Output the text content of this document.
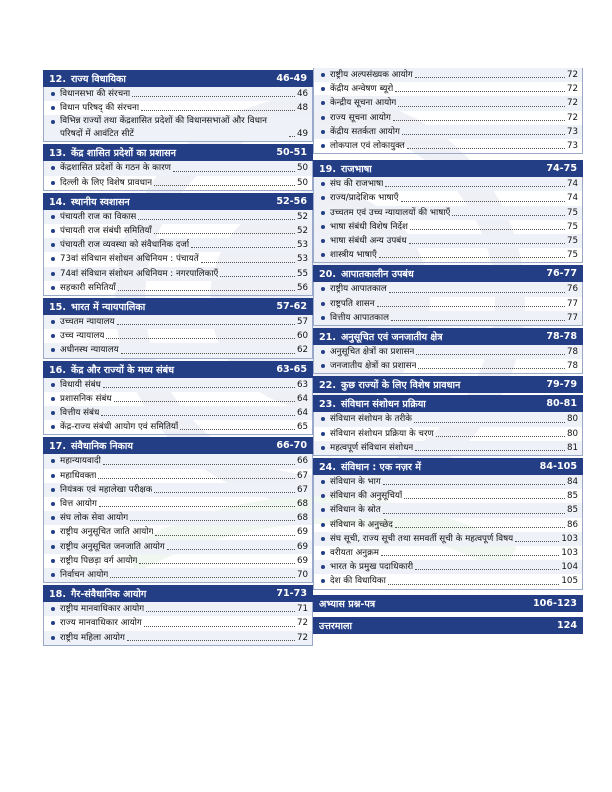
12. राज्य विधायिका	46-49
विधानसभा की संरचना	46
विधान परिषद् की संरचना	48
विभिन्न राज्यों तथा केंद्रशासित प्रदेशों की विधानसभाओं और विधान परिषदों में आवंटित सीटें	49
13. केंद्र शासित प्रदेशों का प्रशासन	50-51
केंद्रशासित प्रदेशों के गठन के कारण	50
दिल्ली के लिए विशेष प्रावधान	50
14. स्थानीय स्वशासन	52-56
पंचायती राज का विकास	52
पंचायती राज संबंधी समितियाँ	52
पंचायती राज व्यवस्था को संवैधानिक दर्जा	53
73वां संविधान संशोधन अधिनियम : पंचायतें	53
74वां संविधान संशोधन अधिनियम : नगरपालिकाएँ	55
सहकारी समितियाँ	56
15. भारत में न्यायपालिका	57-62
उच्चतम न्यायालय	57
उच्च न्यायालय	60
अधीनस्थ न्यायालय	62
16. केंद्र और राज्यों के मध्य संबंध	63-65
विधायी संबंध	63
प्रशासनिक संबंध	64
वित्तीय संबंध	64
केंद्र-राज्य संबंधी आयोग एवं समितियाँ	65
17. संवैधानिक निकाय	66-70
महान्यायवादी	66
महाधिवक्ता	67
नियंत्रक एवं महालेखा परीक्षक	67
वित्त आयोग	68
संघ लोक सेवा आयोग	68
राष्ट्रीय अनुसूचित जाति आयोग	69
राष्ट्रीय अनुसूचित जनजाति आयोग	69
राष्ट्रीय पिछड़ा वर्ग आयोग	69
निर्वाचन आयोग	70
18. गैर-संवैधानिक आयोग	71-73
राष्ट्रीय मानवाधिकार आयोग	71
राज्य मानवाधिकार आयोग	72
राष्ट्रीय महिला आयोग	72
राष्ट्रीय अल्पसंख्यक आयोग	72
केंद्रीय अन्वेषण ब्यूरो	72
केन्द्रीय सूचना आयोग	72
राज्य सूचना आयोग	72
केंद्रीय सतर्कता आयोग	73
लोकपाल एवं लोकायुक्त	73
19. राजभाषा	74-75
संघ की राजभाषा	74
राज्य/प्रादेशिक भाषाएँ	74
उच्चतम एवं उच्च न्यायालयों की भाषाएँ	75
भाषा संबंधी विशेष निर्देश	75
भाषा संबंधी अन्य उपबंध	75
शास्त्रीय भाषाएँ	75
20. आपातकालीन उपबंध	76-77
राष्ट्रीय आपातकाल	76
राष्ट्रपति शासन	77
वित्तीय आपातकाल	77
21. अनुसूचित एवं जनजातीय क्षेत्र	78-78
अनुसूचित क्षेत्रों का प्रशासन	78
जनजातीय क्षेत्रों का प्रशासन	78
22. कुछ राज्यों के लिए विशेष प्रावधान	79-79
23. संविधान संशोधन प्रक्रिया	80-81
संविधान संशोधन के तरीके	80
संविधान संशोधन प्रक्रिया के चरण	80
महत्वपूर्ण संविधान संशोधन	81
24. संविधान : एक नज़र में	84-105
संविधान के भाग	84
संविधान की अनुसूचियाँ	85
संविधान के स्रोत	85
संविधान के अनुच्छेद	86
संघ सूची, राज्य सूची तथा समवर्ती सूची के महत्वपूर्ण विषय	103
वरीयता अनुक्रम	103
भारत के प्रमुख पदाधिकारी	104
देश की विधायिका	105
अभ्यास प्रश्न-पत्र	106-123
उत्तरमाला	124
